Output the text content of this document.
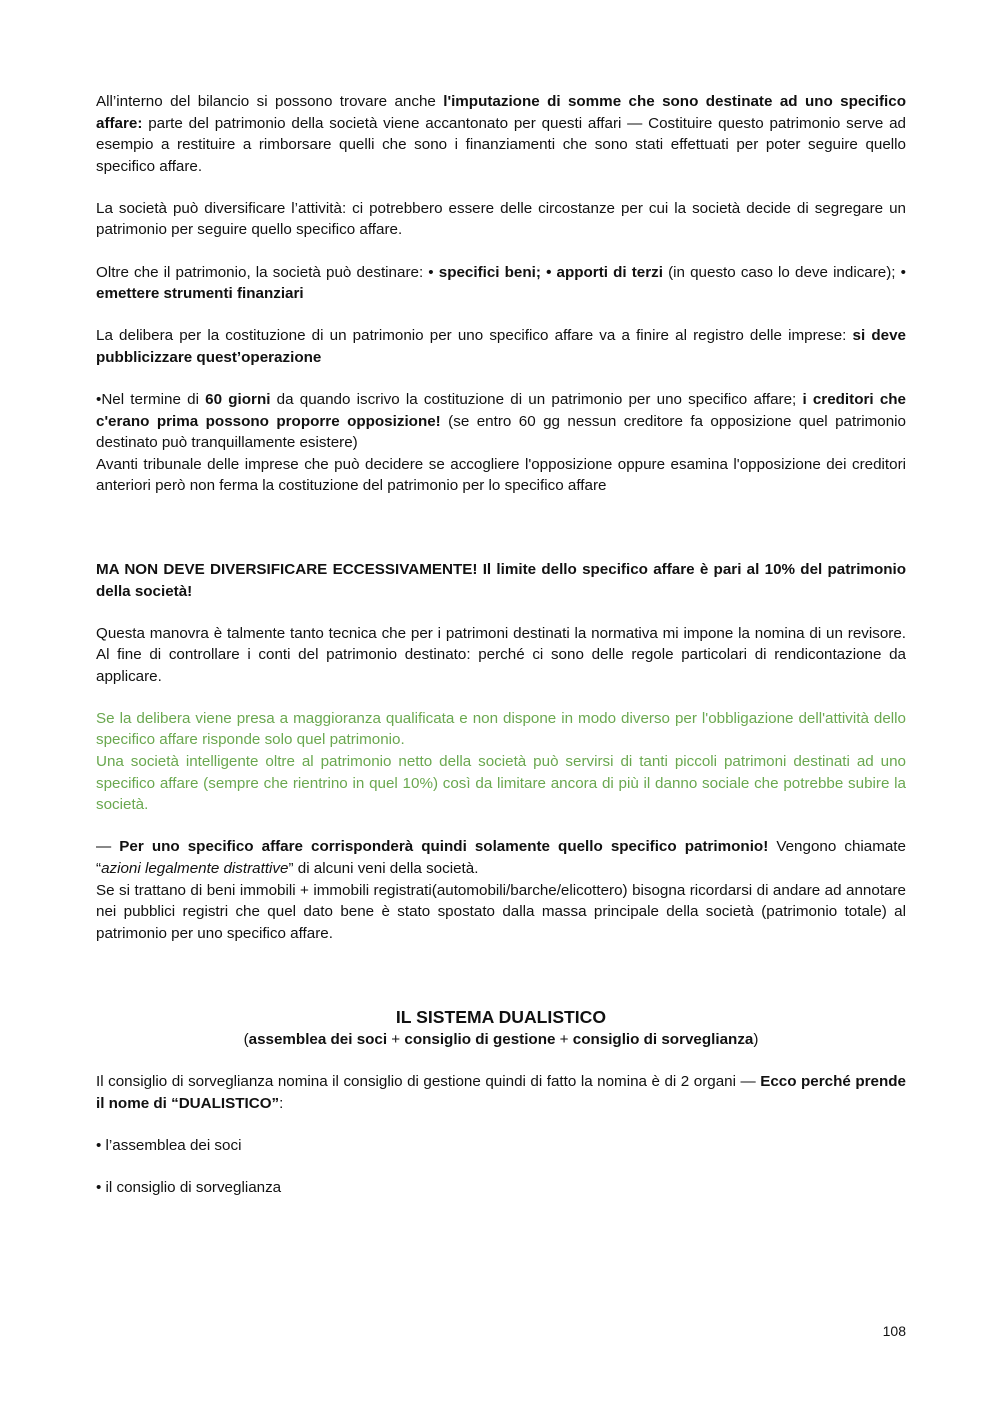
All’interno del bilancio si possono trovare anche l'imputazione di somme che sono destinate ad uno specifico affare: parte del patrimonio della società viene accantonato per questi affari — Costituire questo patrimonio serve ad esempio a restituire a rimborsare quelli che sono i finanziamenti che sono stati effettuati per poter seguire quello specifico affare.

La società può diversificare l’attività: ci potrebbero essere delle circostanze per cui la società decide di segregare un patrimonio per seguire quello specifico affare.

Oltre che il patrimonio, la società può destinare: • specifici beni; • apporti di terzi (in questo caso lo deve indicare); • emettere strumenti finanziari

La delibera per la costituzione di un patrimonio per uno specifico affare va a finire al registro delle imprese: si deve pubblicizzare quest’operazione

•Nel termine di 60 giorni da quando iscrivo la costituzione di un patrimonio per uno specifico affare; i creditori che c'erano prima possono proporre opposizione! (se entro 60 gg nessun creditore fa opposizione quel patrimonio destinato può tranquillamente esistere)

Avanti tribunale delle imprese che può decidere se accogliere l'opposizione oppure esamina l'opposizione dei creditori anteriori però non ferma la costituzione del patrimonio per lo specifico affare

MA NON DEVE DIVERSIFICARE ECCESSIVAMENTE! Il limite dello specifico affare è pari al 10% del patrimonio della società!

Questa manovra è talmente tanto tecnica che per i patrimoni destinati la normativa mi impone la nomina di un revisore. Al fine di controllare i conti del patrimonio destinato: perché ci sono delle regole particolari di rendicontazione da applicare.

Se la delibera viene presa a maggioranza qualificata e non dispone in modo diverso per l'obbligazione dell'attività dello specifico affare risponde solo quel patrimonio.

Una società intelligente oltre al patrimonio netto della società può servirsi di tanti piccoli patrimoni destinati ad uno specifico affare (sempre che rientrino in quel 10%) così da limitare ancora di più il danno sociale che potrebbe subire la società.

— Per uno specifico affare corrisponderà quindi solamente quello specifico patrimonio! Vengono chiamate “azioni legalmente distrattive” di alcuni veni della società.

Se si trattano di beni immobili + immobili registrati(automobili/barche/elicottero) bisogna ricordarsi di andare ad annotare nei pubblici registri che quel dato bene è stato spostato dalla massa principale della società (patrimonio totale) al patrimonio per uno specifico affare.

IL SISTEMA DUALISTICO

(assemblea dei soci + consiglio di gestione + consiglio di sorveglianza)

Il consiglio di sorveglianza nomina il consiglio di gestione quindi di fatto la nomina è di 2 organi — Ecco perché prende il nome di “DUALISTICO”:

• l’assemblea dei soci

• il consiglio di sorveglianza

108
